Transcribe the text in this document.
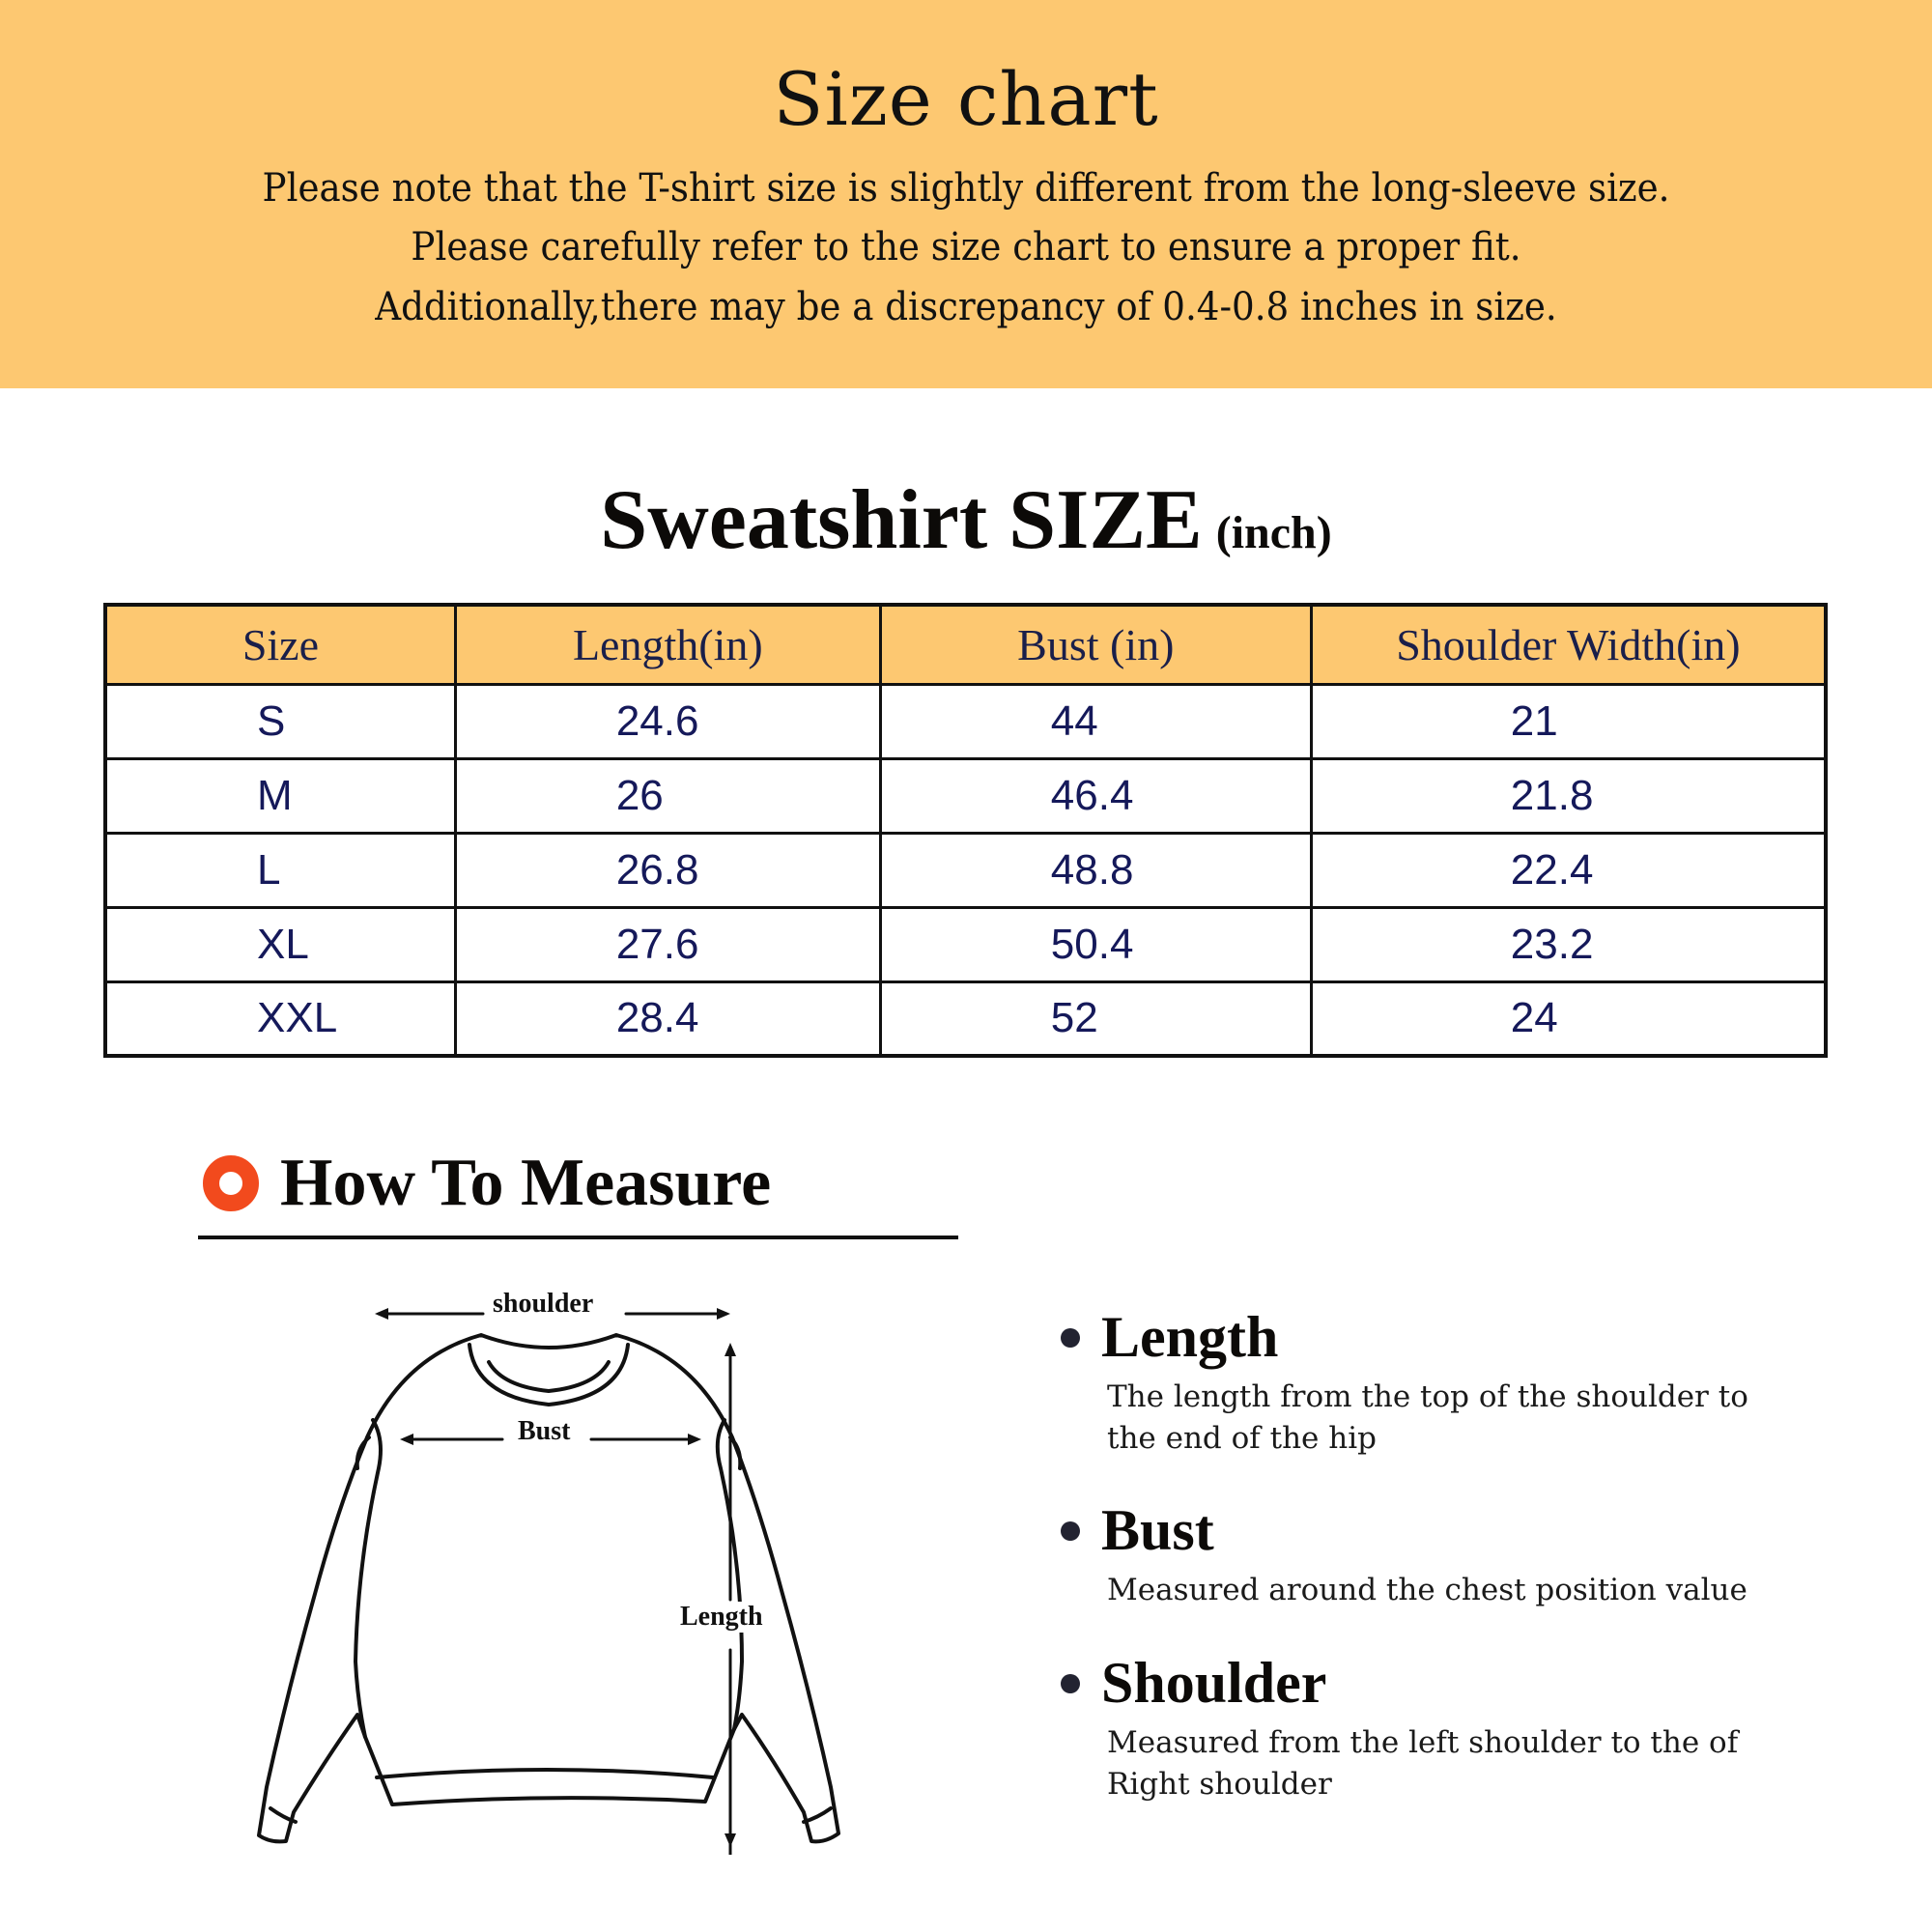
Size chart
Please note that the T-shirt size is slightly different from the long-sleeve size.
Please carefully refer to the size chart to ensure a proper fit.
Additionally,there may be a discrepancy of 0.4-0.8 inches in size.
Sweatshirt SIZE (inch)
Size	Length(in)	Bust (in)	Shoulder Width(in)
S	24.6	44	21
M	26	46.4	21.8
L	26.8	48.8	22.4
XL	27.6	50.4	23.2
XXL	28.4	52	24
How To Measure
shoulder
Bust
Length
Length
The length from the top of the shoulder to the end of the hip
Bust
Measured around the chest position value
Shoulder
Measured from the left shoulder to the of Right shoulder
